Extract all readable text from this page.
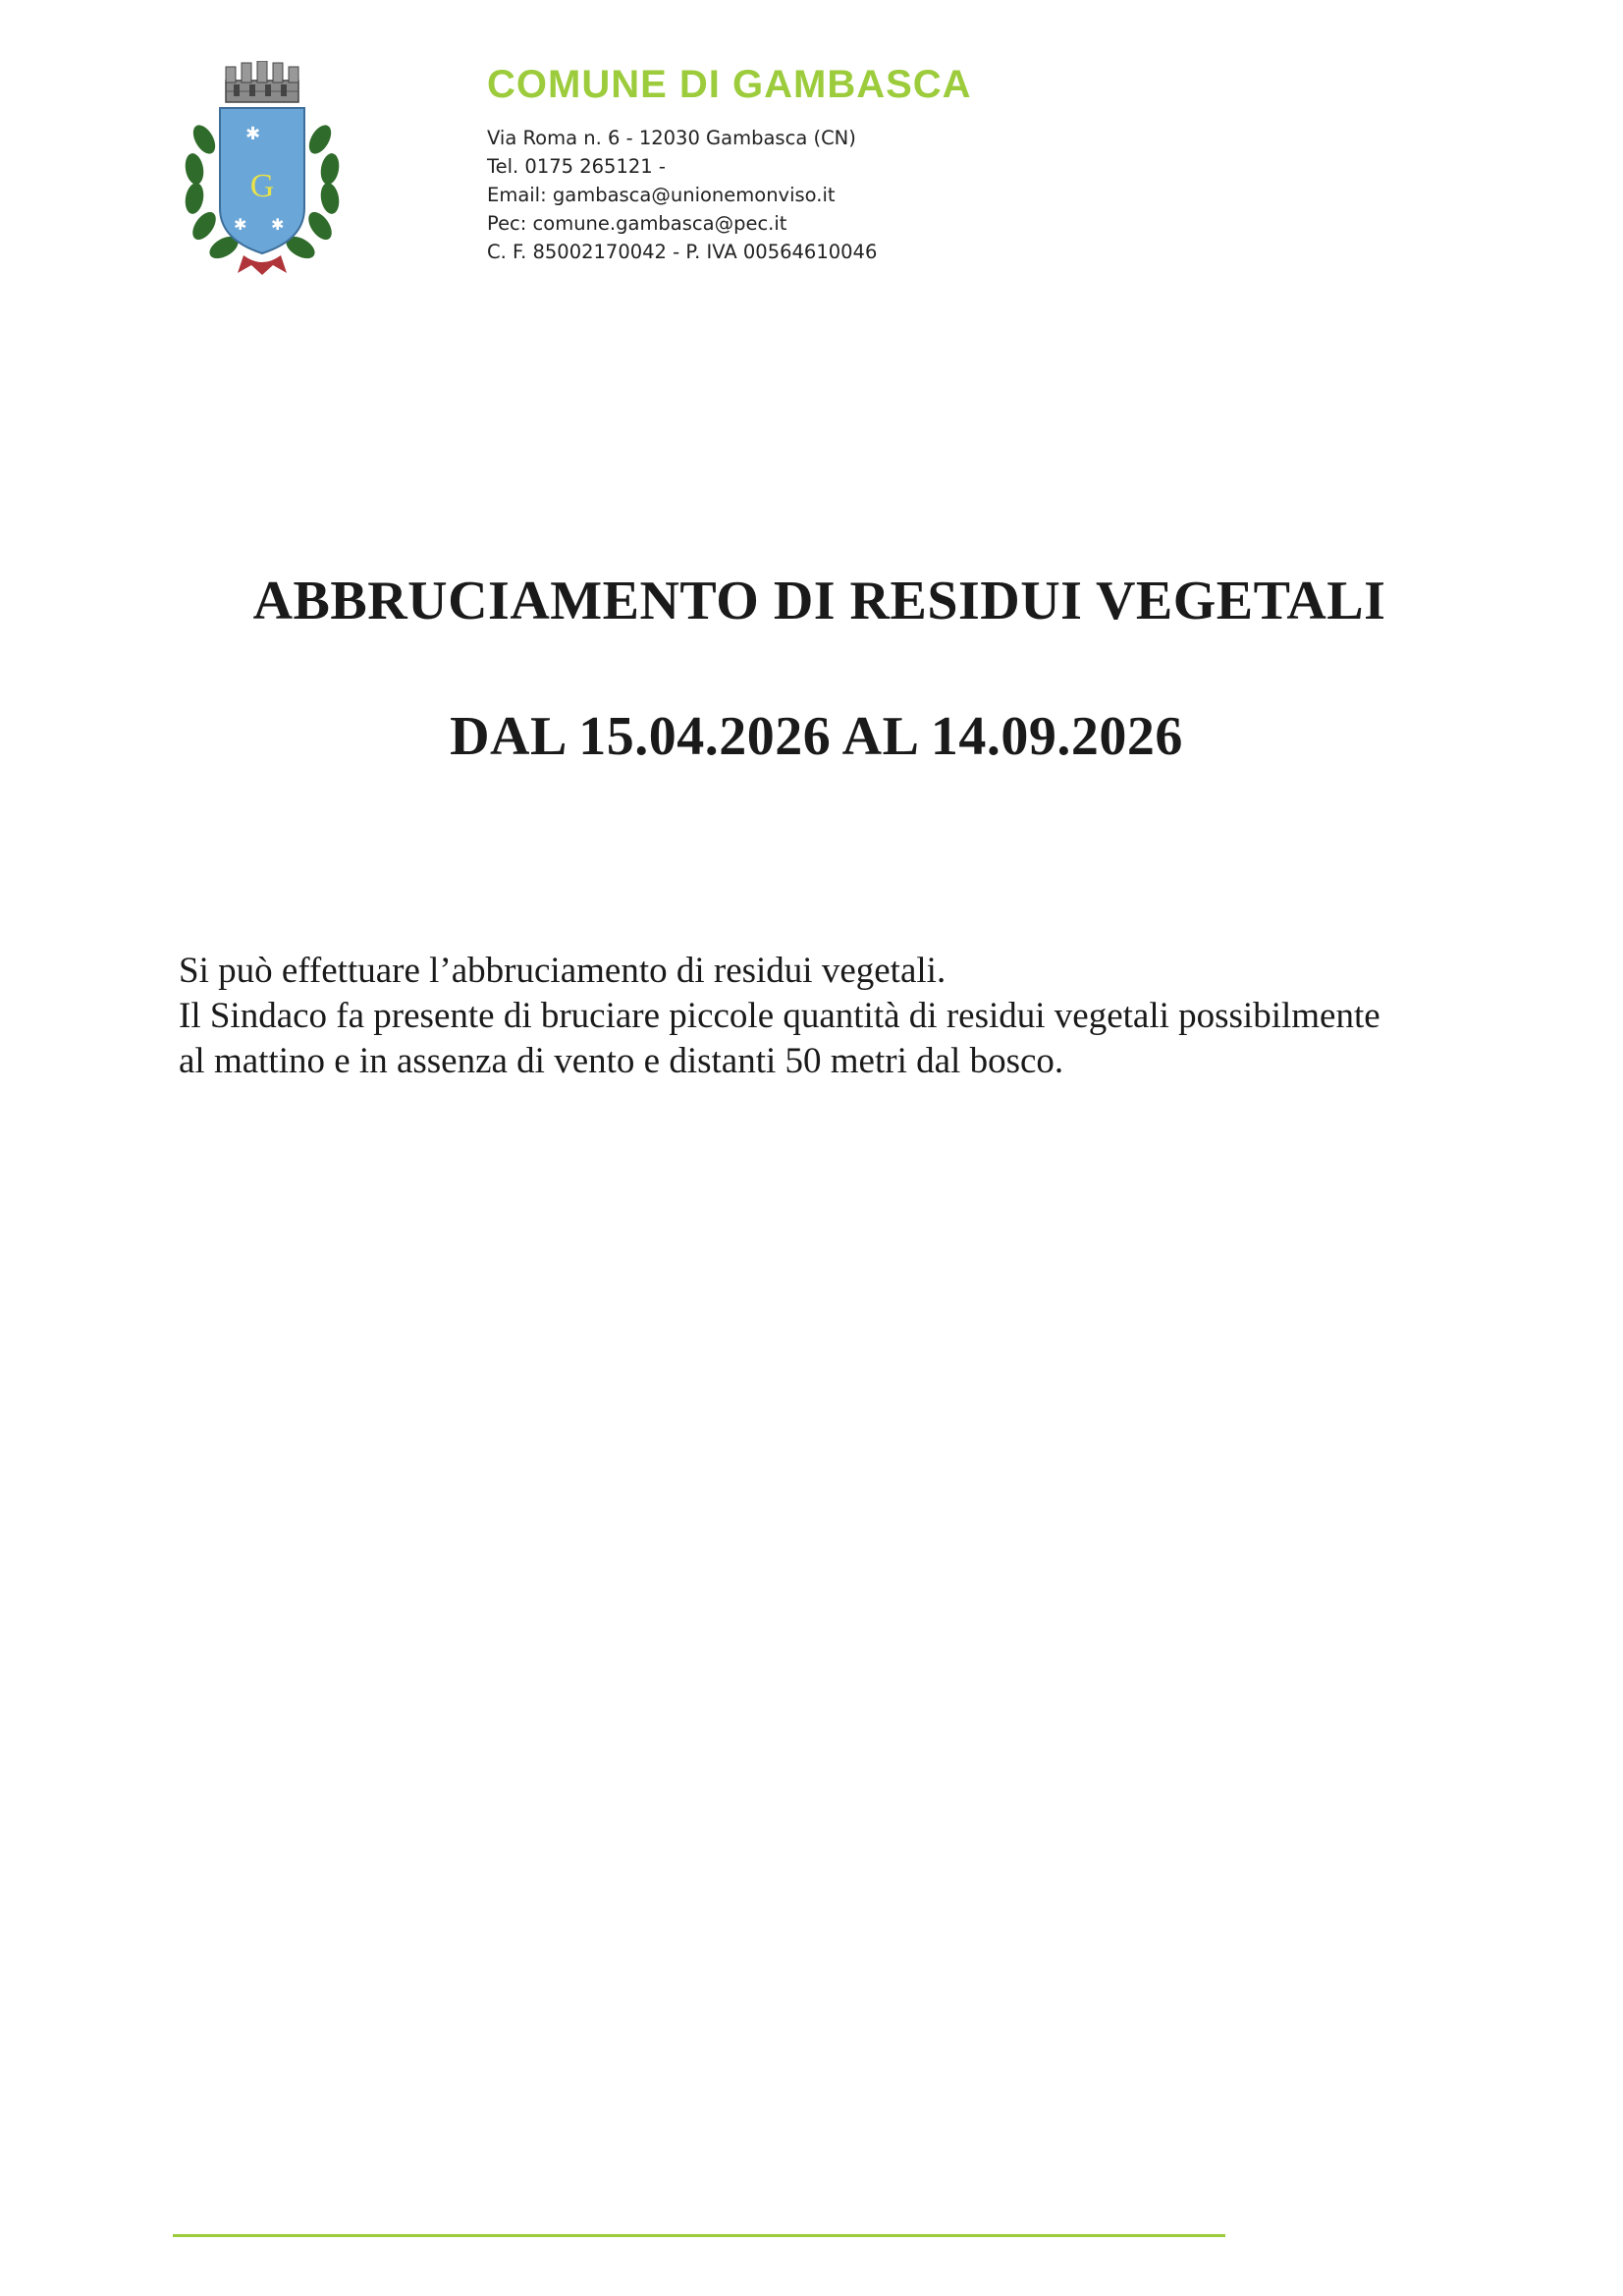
✱
✱ ✱
G
COMUNE DI GAMBASCA

Via Roma n. 6 - 12030 Gambasca (CN)

Tel. 0175 265121 -

Email: gambasca@unionemonviso.it

Pec: comune.gambasca@pec.it

C. F. 85002170042 - P. IVA 00564610046

ABBRUCIAMENTO DI RESIDUI VEGETALI
DAL 15.04.2026 AL 14.09.2026

Si può effettuare l’abbruciamento di residui vegetali.

Il Sindaco fa presente di bruciare piccole quantità di residui vegetali possibilmente

al mattino e in assenza di vento e distanti 50 metri dal bosco.
